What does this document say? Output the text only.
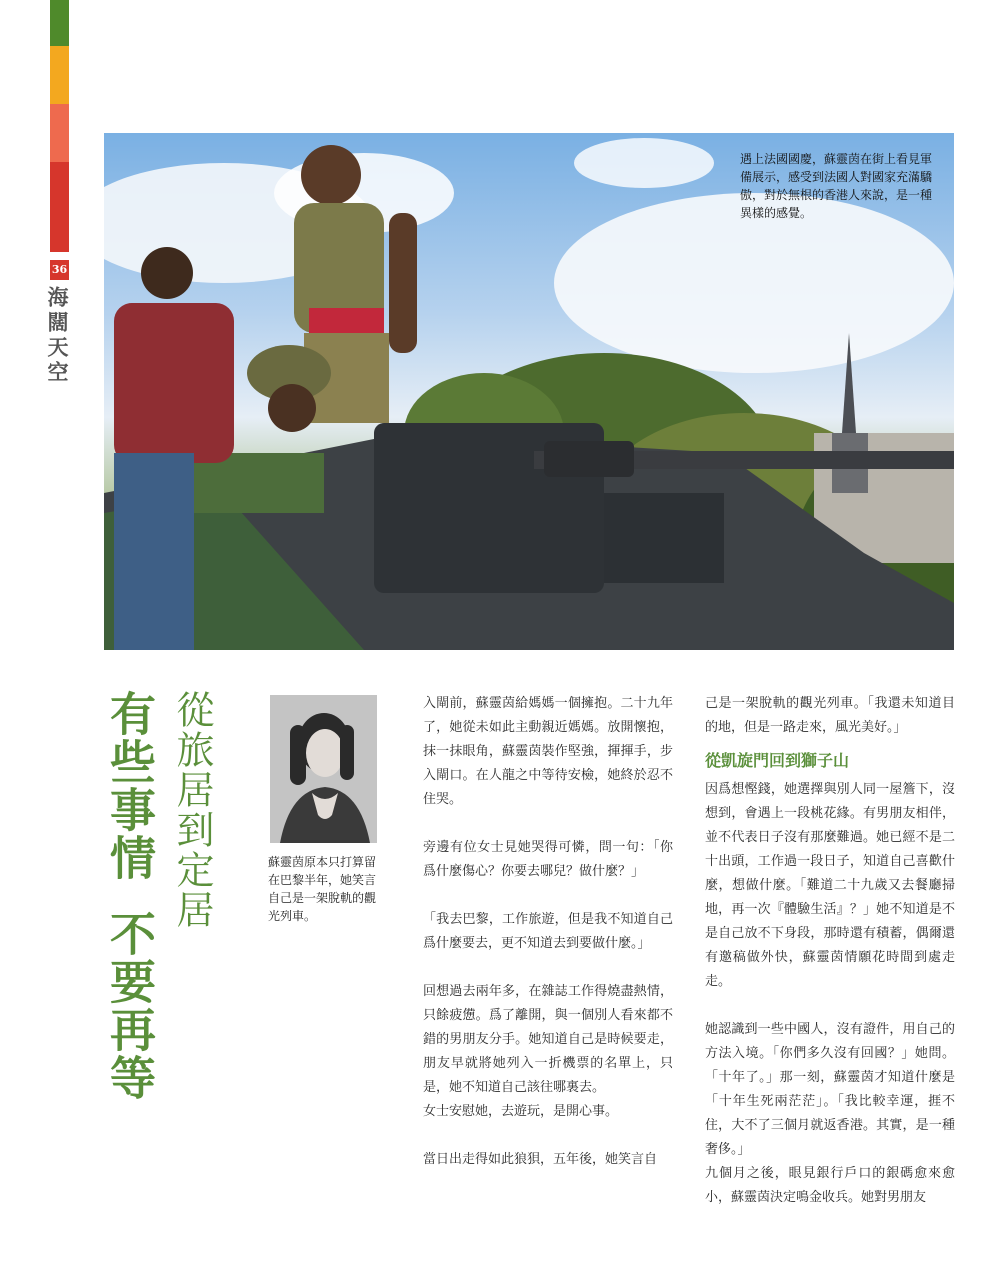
36
海闊天空
遇上法國國慶，蘇靈茵在街上看見軍備展示，感受到法國人對國家充滿驕傲，對於無根的香港人來說，是一種異樣的感覺。
有些事情不要再等
從旅居到定居	蘇靈茵原本只打算留在巴黎半年，她笑言自己是一架脫軌的觀光列車。

入閘前，蘇靈茵給媽媽一個擁抱。二十九年了，她從未如此主動親近媽媽。放開懷抱，抹一抹眼角，蘇靈茵裝作堅強，揮揮手，步入閘口。在人龍之中等待安檢，她終於忍不住哭。

旁邊有位女士見她哭得可憐，問一句：「你爲什麼傷心？你要去哪兒？做什麼？」

「我去巴黎，工作旅遊，但是我不知道自己爲什麼要去，更不知道去到要做什麼。」

回想過去兩年多，在雜誌工作得燒盡熱情，只餘疲憊。爲了離開，與一個別人看來都不錯的男朋友分手。她知道自己是時候要走，朋友早就將她列入一折機票的名單上，只是，她不知道自己該往哪裏去。

女士安慰她，去遊玩，是開心事。

當日出走得如此狼狽，五年後，她笑言自

己是一架脫軌的觀光列車。「我還未知道目的地，但是一路走來，風光美好。」

從凱旋門回到獅子山

因爲想慳錢，她選擇與別人同一屋簷下，沒想到，會遇上一段桃花緣。有男朋友相伴，並不代表日子沒有那麼難過。她已經不是二十出頭，工作過一段日子，知道自己喜歡什麼，想做什麼。「難道二十九歲又去餐廳掃地，再一次『體驗生活』？」她不知道是不是自己放不下身段，那時還有積蓄，偶爾還有邀稿做外快，蘇靈茵情願花時間到處走走。

她認識到一些中國人，沒有證件，用自己的方法入境。「你們多久沒有回國？」她問。「十年了。」那一刻，蘇靈茵才知道什麼是「十年生死兩茫茫」。「我比較幸運，捱不住，大不了三個月就返香港。其實，是一種奢侈。」

九個月之後，眼見銀行戶口的銀碼愈來愈小，蘇靈茵決定鳴金收兵。她對男朋友
